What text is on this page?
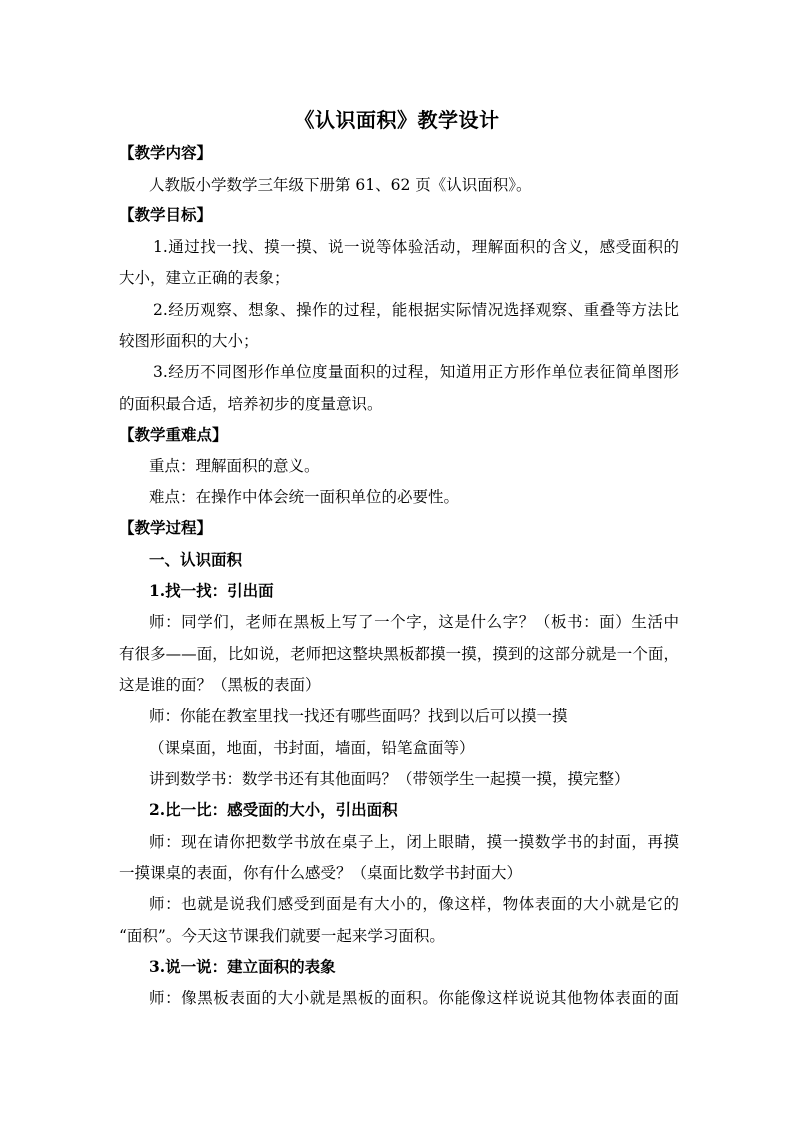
《认识面积》教学设计
【教学内容】
人教版小学数学三年级下册第 61、62 页《认识面积》。
【教学目标】
1.通过找一找、摸一摸、说一说等体验活动，理解面积的含义，感受面积的
大小，建立正确的表象；
2.经历观察、想象、操作的过程，能根据实际情况选择观察、重叠等方法比
较图形面积的大小；
3.经历不同图形作单位度量面积的过程，知道用正方形作单位表征简单图形
的面积最合适，培养初步的度量意识。
【教学重难点】
重点：理解面积的意义。
难点：在操作中体会统一面积单位的必要性。
【教学过程】
一、认识面积
1.找一找：引出面
师：同学们，老师在黑板上写了一个字，这是什么字？（板书：面）生活中
有很多——面，比如说，老师把这整块黑板都摸一摸，摸到的这部分就是一个面，
这是谁的面？（黑板的表面）
师：你能在教室里找一找还有哪些面吗？找到以后可以摸一摸
（课桌面，地面，书封面，墙面，铅笔盒面等）
讲到数学书：数学书还有其他面吗？（带领学生一起摸一摸，摸完整）
2.比一比：感受面的大小，引出面积
师：现在请你把数学书放在桌子上，闭上眼睛，摸一摸数学书的封面，再摸
一摸课桌的表面，你有什么感受？（桌面比数学书封面大）
师：也就是说我们感受到面是有大小的，像这样，物体表面的大小就是它的
“面积”。今天这节课我们就要一起来学习面积。
3.说一说：建立面积的表象
师：像黑板表面的大小就是黑板的面积。你能像这样说说其他物体表面的面
